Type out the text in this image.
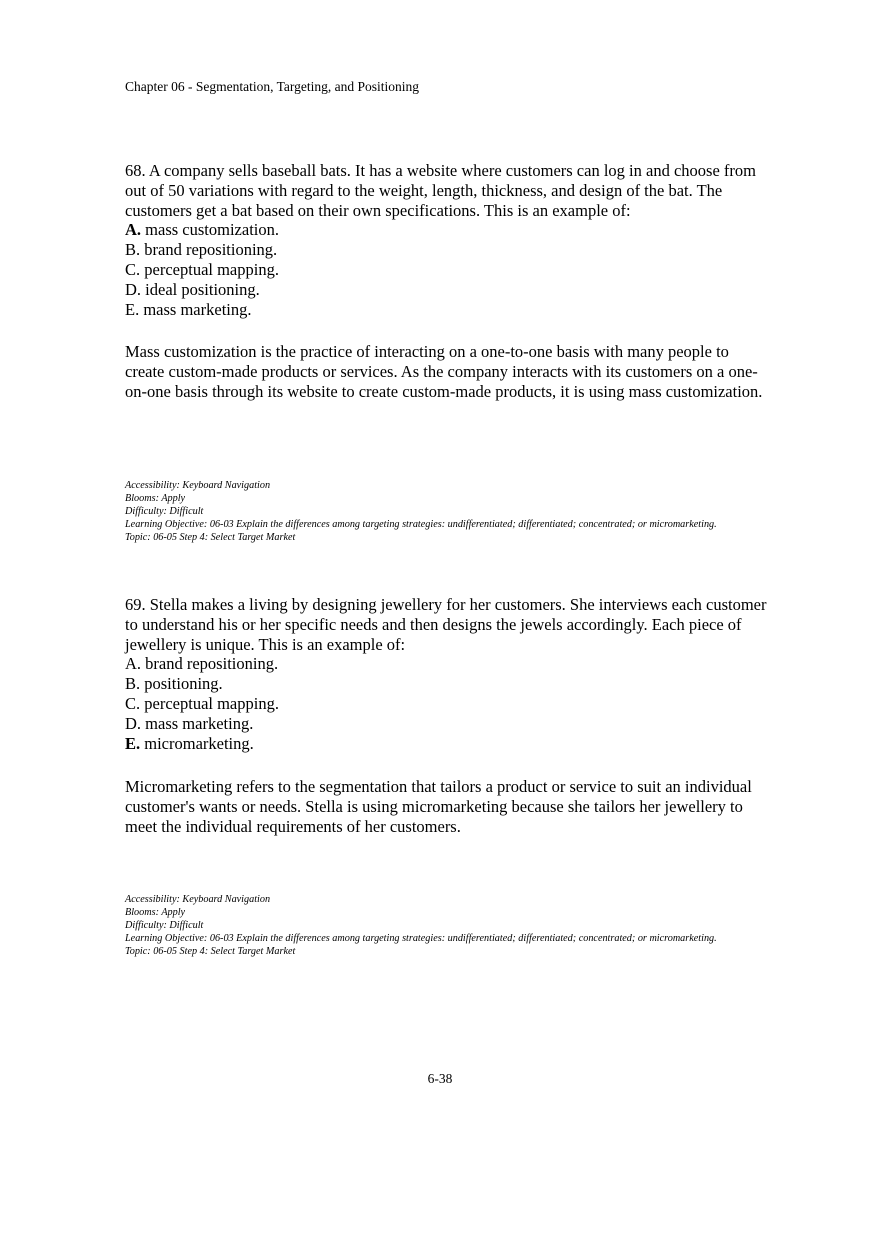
Chapter 06 - Segmentation, Targeting, and Positioning

68. A company sells baseball bats. It has a website where customers can log in and choose from out of 50 variations with regard to the weight, length, thickness, and design of the bat. The customers get a bat based on their own specifications. This is an example of:

A. mass customization.
B. brand repositioning.
C. perceptual mapping.
D. ideal positioning.
E. mass marketing.

Mass customization is the practice of interacting on a one-to-one basis with many people to create custom-made products or services. As the company interacts with its customers on a one-on-one basis through its website to create custom-made products, it is using mass customization.

Accessibility: Keyboard Navigation
Blooms: Apply
Difficulty: Difficult
Learning Objective: 06-03 Explain the differences among targeting strategies: undifferentiated; differentiated; concentrated; or micromarketing.
Topic: 06-05 Step 4: Select Target Market

69. Stella makes a living by designing jewellery for her customers. She interviews each customer to understand his or her specific needs and then designs the jewels accordingly. Each piece of jewellery is unique. This is an example of:

A. brand repositioning.
B. positioning.
C. perceptual mapping.
D. mass marketing.
E. micromarketing.

Micromarketing refers to the segmentation that tailors a product or service to suit an individual customer's wants or needs. Stella is using micromarketing because she tailors her jewellery to meet the individual requirements of her customers.

Accessibility: Keyboard Navigation
Blooms: Apply
Difficulty: Difficult
Learning Objective: 06-03 Explain the differences among targeting strategies: undifferentiated; differentiated; concentrated; or micromarketing.
Topic: 06-05 Step 4: Select Target Market
6-38
